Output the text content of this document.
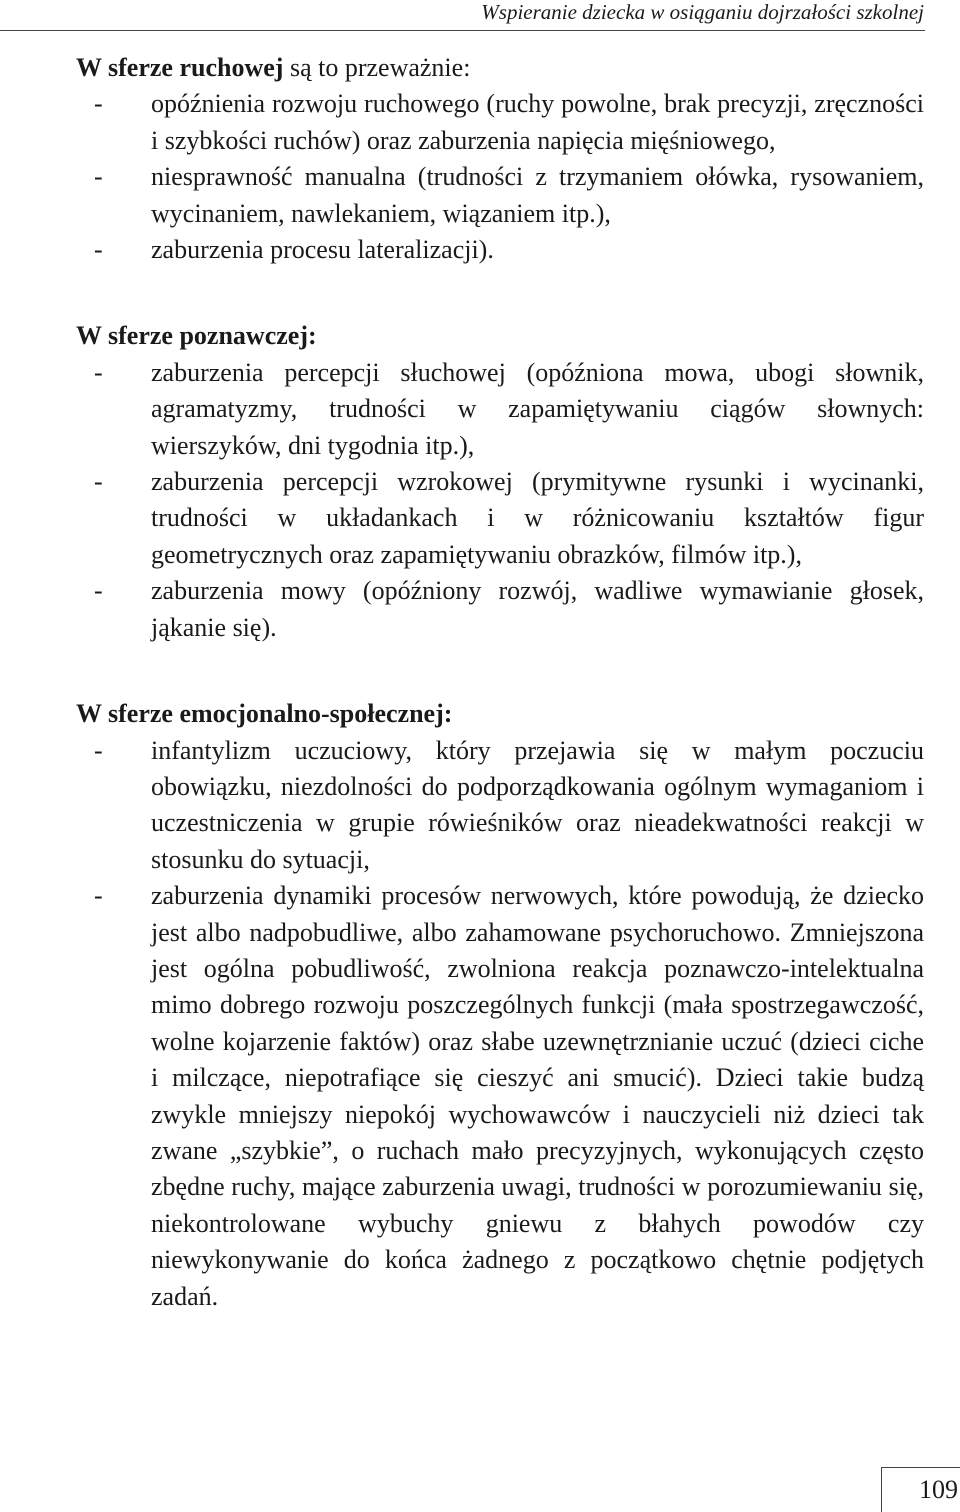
Wspieranie dziecka w osiąganiu dojrzałości szkolnej

W sferze ruchowej są to przeważnie:

- opóźnienia rozwoju ruchowego (ruchy powolne, brak precyzji, zręczności i szybkości ruchów) oraz zaburzenia napięcia mięśniowego,
- niesprawność manualna (trudności z trzymaniem ołówka, rysowaniem, wycinaniem, nawlekaniem, wiązaniem itp.),
- zaburzenia procesu lateralizacji).

W sferze poznawczej:

- zaburzenia percepcji słuchowej (opóźniona mowa, ubogi słownik, agramatyzmy, trudności w zapamiętywaniu ciągów słownych: wierszyków, dni tygodnia itp.),
- zaburzenia percepcji wzrokowej (prymitywne rysunki i wycinanki, trudności w układankach i w różnicowaniu kształtów figur geometrycznych oraz zapamiętywaniu obrazków, filmów itp.),
- zaburzenia mowy (opóźniony rozwój, wadliwe wymawianie głosek, jąkanie się).

W sferze emocjonalno-społecznej:

- infantylizm uczuciowy, który przejawia się w małym poczuciu obowiązku, niezdolności do podporządkowania ogólnym wymaganiom i uczestniczenia w grupie rówieśników oraz nieadekwatności reakcji w stosunku do sytuacji,
- zaburzenia dynamiki procesów nerwowych, które powodują, że dziecko jest albo nadpobudliwe, albo zahamowane psychoruchowo. Zmniejszona jest ogólna pobudliwość, zwolniona reakcja poznawczo-intelektualna mimo dobrego rozwoju poszczególnych funkcji (mała spostrzegawczość, wolne kojarzenie faktów) oraz słabe uzewnętrznianie uczuć (dzieci ciche i milczące, niepotrafiące się cieszyć ani smucić). Dzieci takie budzą zwykle mniejszy niepokój wychowawców i nauczycieli niż dzieci tak zwane „szybkie”, o ruchach mało precyzyjnych, wykonujących często zbędne ruchy, mające zaburzenia uwagi, trudności w porozumiewaniu się, niekontrolowane wybuchy gniewu z błahych powodów czy niewykonywanie do końca żadnego z początkowo chętnie podjętych zadań.
109
